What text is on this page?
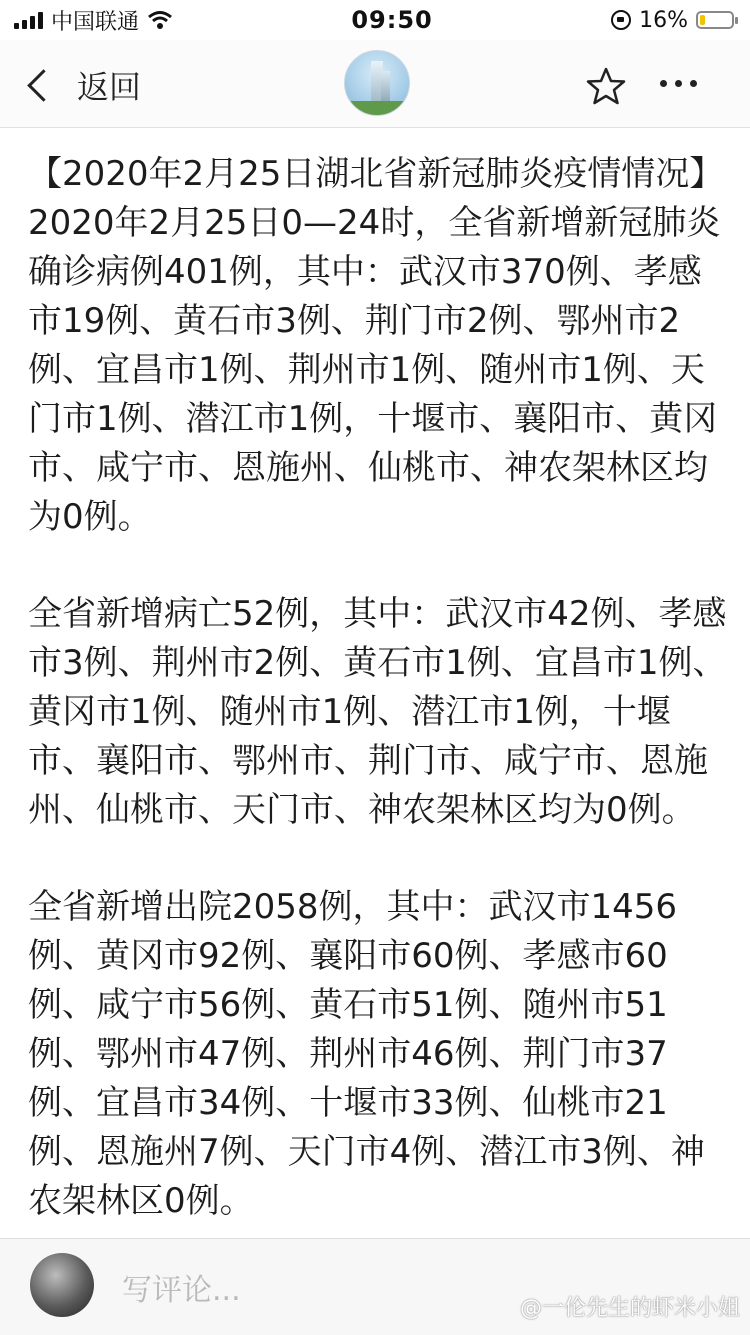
中国联通	09:50	16%
返回

【2020年2月25日湖北省新冠肺炎疫情情况】2020年2月25日0—24时，全省新增新冠肺炎确诊病例401例，其中：武汉市370例、孝感市19例、黄石市3例、荆门市2例、鄂州市2例、宜昌市1例、荆州市1例、随州市1例、天门市1例、潜江市1例，十堰市、襄阳市、黄冈市、咸宁市、恩施州、仙桃市、神农架林区均为0例。

全省新增病亡52例，其中：武汉市42例、孝感市3例、荆州市2例、黄石市1例、宜昌市1例、黄冈市1例、随州市1例、潜江市1例，十堰市、襄阳市、鄂州市、荆门市、咸宁市、恩施州、仙桃市、天门市、神农架林区均为0例。

全省新增出院2058例，其中：武汉市1456例、黄冈市92例、襄阳市60例、孝感市60例、咸宁市56例、黄石市51例、随州市51例、鄂州市47例、荆州市46例、荆门市37例、宜昌市34例、十堰市33例、仙桃市21例、恩施州7例、天门市4例、潜江市3例、神农架林区0例。

写评论...
@一伦先生的虾米小姐
